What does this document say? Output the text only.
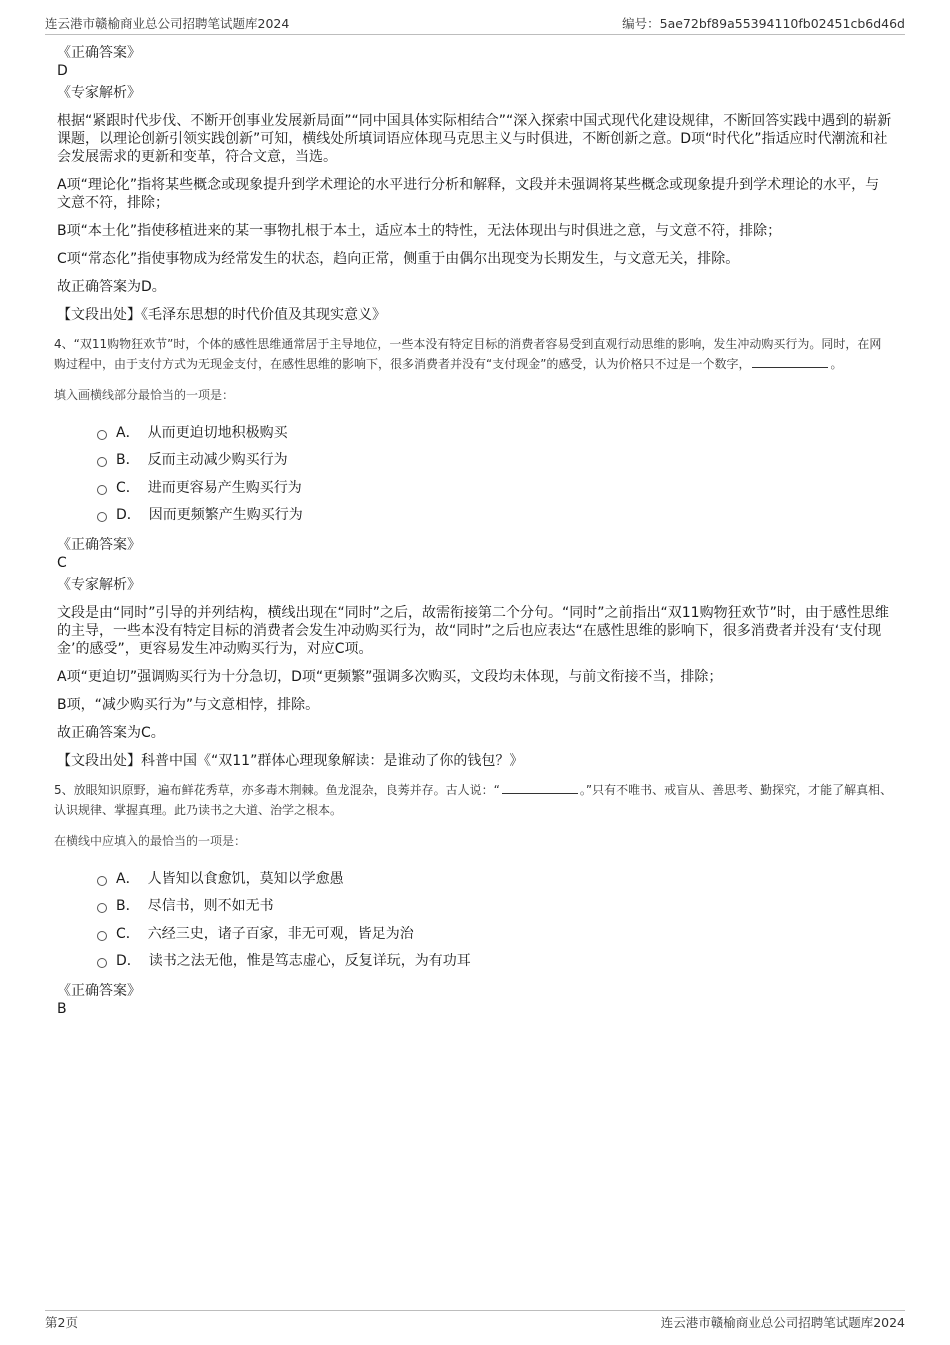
连云港市赣榆商业总公司招聘笔试题库2024	编号：5ae72bf89a55394110fb02451cb6d46d
《正确答案》
D
《专家解析》

根据“紧跟时代步伐、不断开创事业发展新局面”“同中国具体实际相结合”“深入探索中国式现代化建设规律，不断回答实践中遇到的崭新课题，以理论创新引领实践创新”可知，横线处所填词语应体现马克思主义与时俱进，不断创新之意。D项“时代化”指适应时代潮流和社会发展需求的更新和变革，符合文意，当选。

A项“理论化”指将某些概念或现象提升到学术理论的水平进行分析和解释，文段并未强调将某些概念或现象提升到学术理论的水平，与文意不符，排除；

B项“本土化”指使移植进来的某一事物扎根于本土，适应本土的特性，无法体现出与时俱进之意，与文意不符，排除；

C项“常态化”指使事物成为经常发生的状态，趋向正常，侧重于由偶尔出现变为长期发生，与文意无关，排除。

故正确答案为D。

【文段出处】《毛泽东思想的时代价值及其现实意义》

4、“双11购物狂欢节”时，个体的感性思维通常居于主导地位，一些本没有特定目标的消费者容易受到直观行动思维的影响，发生冲动购买行为。同时，在网购过程中，由于支付方式为无现金支付，在感性思维的影响下，很多消费者并没有“支付现金”的感受，认为价格只不过是一个数字，	。
填入画横线部分最恰当的一项是：
A． 从而更迫切地积极购买
B． 反而主动减少购买行为
C． 进而更容易产生购买行为
D． 因而更频繁产生购买行为
《正确答案》
C
《专家解析》

文段是由“同时”引导的并列结构，横线出现在“同时”之后，故需衔接第二个分句。“同时”之前指出“双11购物狂欢节”时，由于感性思维的主导，一些本没有特定目标的消费者会发生冲动购买行为，故“同时”之后也应表达“在感性思维的影响下，很多消费者并没有‘支付现金’的感受”，更容易发生冲动购买行为，对应C项。

A项“更迫切”强调购买行为十分急切，D项“更频繁”强调多次购买，文段均未体现，与前文衔接不当，排除；

B项，“减少购买行为”与文意相悖，排除。

故正确答案为C。

【文段出处】科普中国《“双11”群体心理现象解读：是谁动了你的钱包？》

5、放眼知识原野，遍布鲜花秀草，亦多毒木荆棘。鱼龙混杂，良莠并存。古人说：“	。”只有不唯书、戒盲从、善思考、勤探究，才能了解真相、认识规律、掌握真理。此乃读书之大道、治学之根本。
在横线中应填入的最恰当的一项是：
A． 人皆知以食愈饥，莫知以学愈愚
B． 尽信书，则不如无书
C． 六经三史，诸子百家，非无可观，皆足为治
D． 读书之法无他，惟是笃志虚心，反复详玩，为有功耳
《正确答案》
B
第2页	连云港市赣榆商业总公司招聘笔试题库2024
